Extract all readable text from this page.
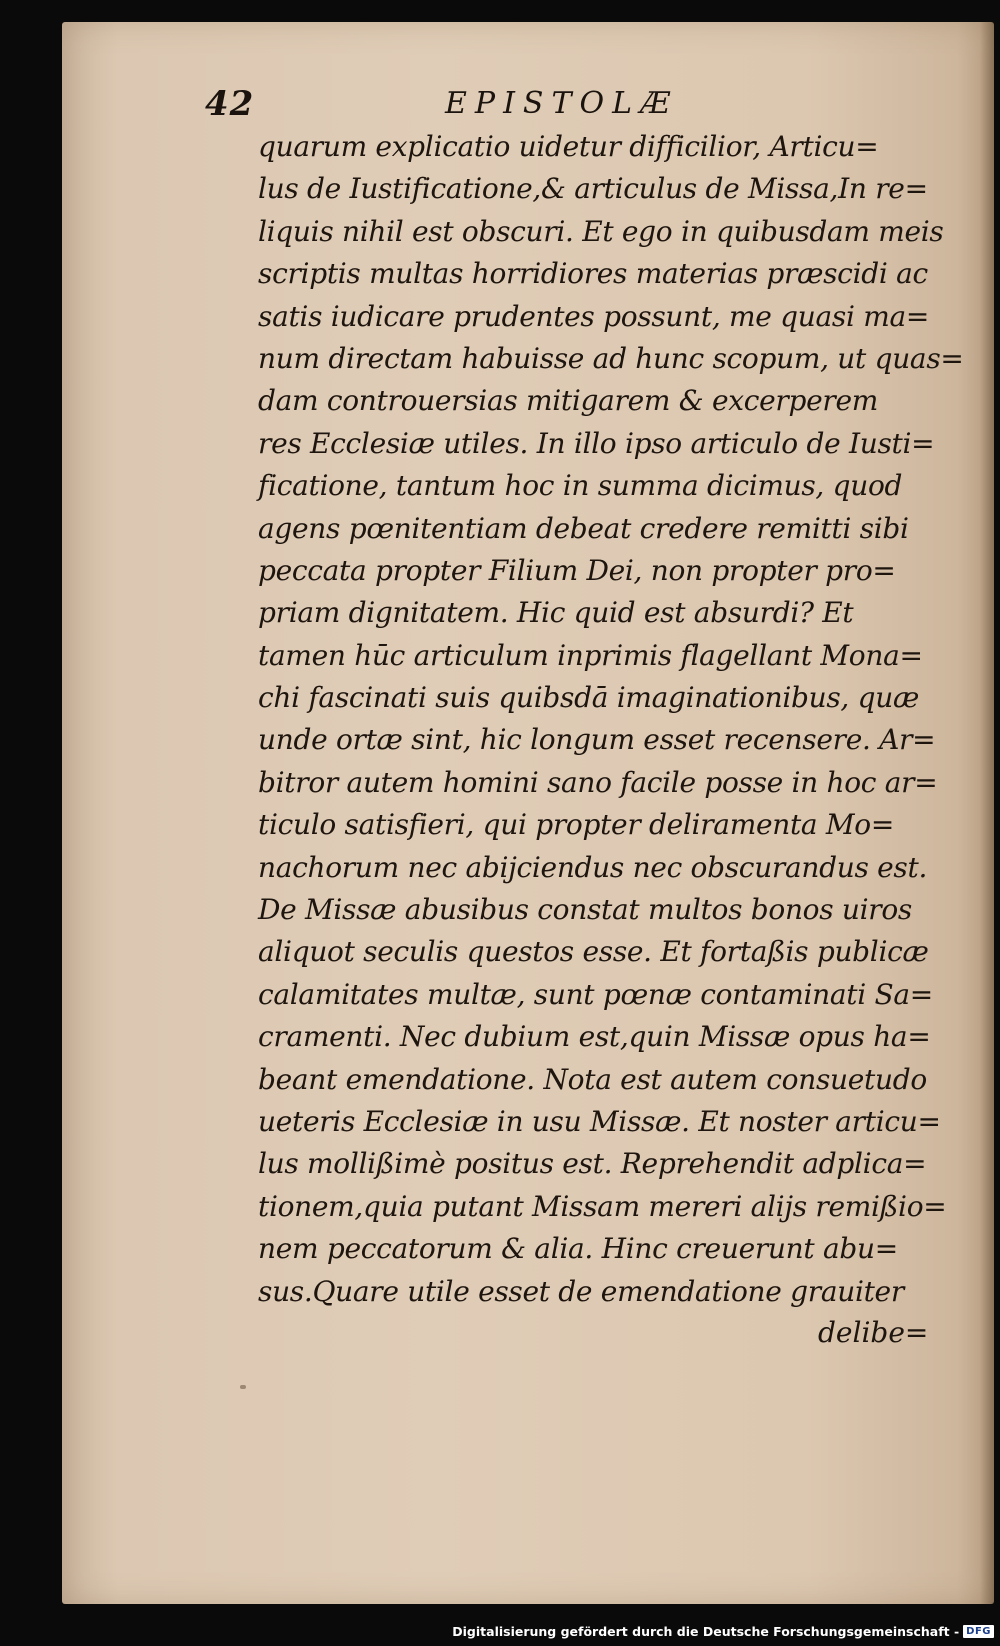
42	EPISTOLÆ
quarum explicatio uidetur difficilior, Articu=
lus de Iustificatione,& articulus de Missa,In re=
liquis nihil est obscuri. Et ego in quibusdam meis
scriptis multas horridiores materias præscidi ac
satis iudicare prudentes possunt, me quasi ma=
num directam habuisse ad hunc scopum, ut quas=
dam controuersias mitigarem & excerperem
res Ecclesiæ utiles. In illo ipso articulo de Iusti=
ficatione, tantum hoc in summa dicimus, quod
agens pœnitentiam debeat credere remitti sibi
peccata propter Filium Dei, non propter pro=
priam dignitatem. Hic quid est absurdi? Et
tamen hūc articulum inprimis flagellant Mona=
chi fascinati suis quibsdā imaginationibus, quæ
unde ortæ sint, hic longum esset recensere. Ar=
bitror autem homini sano facile posse in hoc ar=
ticulo satisfieri, qui propter deliramenta Mo=
nachorum nec abijciendus nec obscurandus est.
De Missæ abusibus constat multos bonos uiros
aliquot seculis questos esse. Et fortaßis publicæ
calamitates multæ, sunt pœnæ contaminati Sa=
cramenti. Nec dubium est,quin Missæ opus ha=
beant emendatione. Nota est autem consuetudo
ueteris Ecclesiæ in usu Missæ. Et noster articu=
lus mollißimè positus est. Reprehendit adplica=
tionem,quia putant Missam mereri alijs remißio=
nem peccatorum & alia. Hinc creuerunt abu=
sus.Quare utile esset de emendatione grauiter
delibe=
Digitalisierung gefördert durch die Deutsche Forschungsgemeinschaft - DFG
